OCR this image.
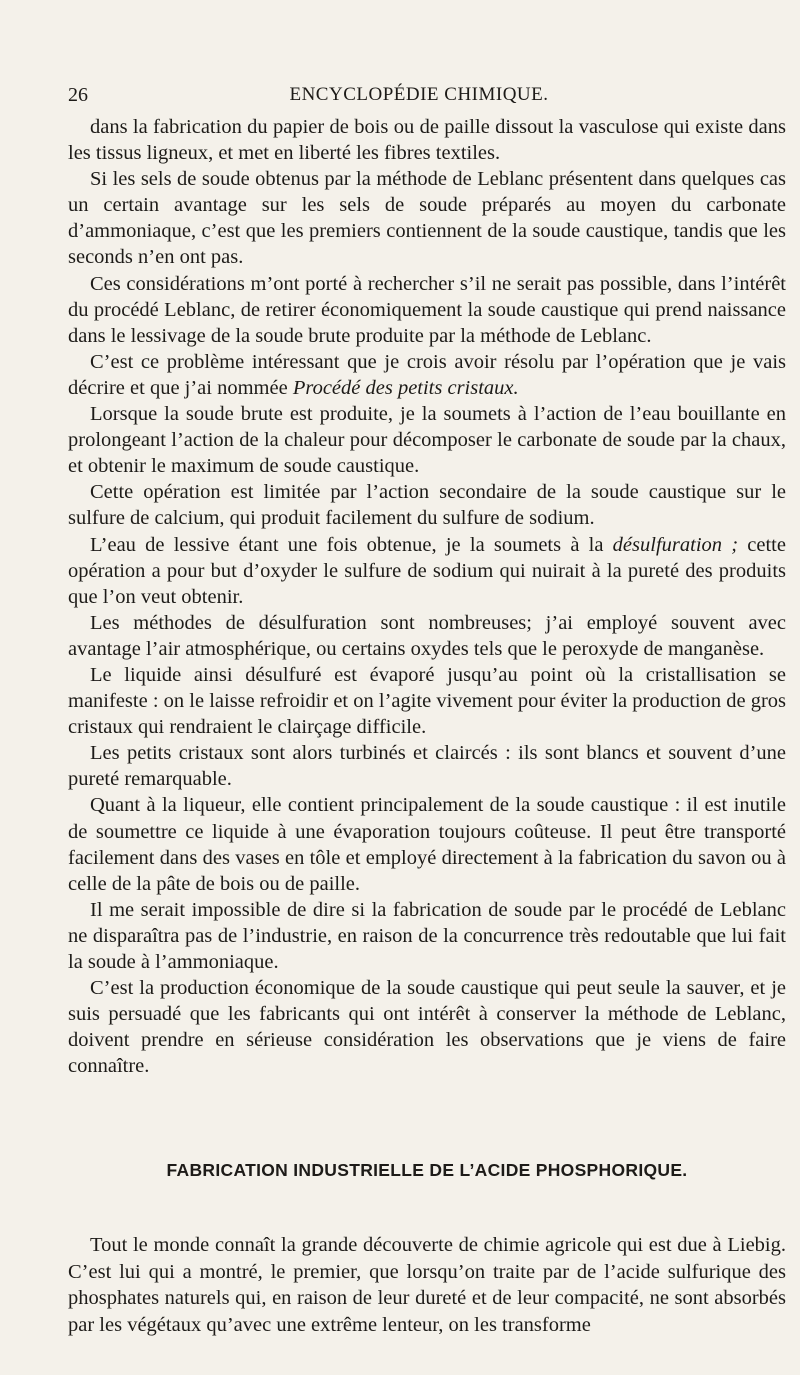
26	ENCYCLOPÉDIE CHIMIQUE.

dans la fabrication du papier de bois ou de paille dissout la vasculose qui existe dans les tissus ligneux, et met en liberté les fibres textiles.

Si les sels de soude obtenus par la méthode de Leblanc présentent dans quelques cas un certain avantage sur les sels de soude préparés au moyen du carbonate d’ammoniaque, c’est que les premiers contiennent de la soude caustique, tandis que les seconds n’en ont pas.

Ces considérations m’ont porté à rechercher s’il ne serait pas possible, dans l’intérêt du procédé Leblanc, de retirer économiquement la soude caustique qui prend naissance dans le lessivage de la soude brute produite par la méthode de Leblanc.

C’est ce problème intéressant que je crois avoir résolu par l’opération que je vais décrire et que j’ai nommée Procédé des petits cristaux.

Lorsque la soude brute est produite, je la soumets à l’action de l’eau bouillante en prolongeant l’action de la chaleur pour décomposer le carbonate de soude par la chaux, et obtenir le maximum de soude caustique.

Cette opération est limitée par l’action secondaire de la soude caustique sur le sulfure de calcium, qui produit facilement du sulfure de sodium.

L’eau de lessive étant une fois obtenue, je la soumets à la désulfuration ; cette opération a pour but d’oxyder le sulfure de sodium qui nuirait à la pureté des produits que l’on veut obtenir.

Les méthodes de désulfuration sont nombreuses; j’ai employé souvent avec avantage l’air atmosphérique, ou certains oxydes tels que le peroxyde de manganèse.

Le liquide ainsi désulfuré est évaporé jusqu’au point où la cristallisation se manifeste : on le laisse refroidir et on l’agite vivement pour éviter la production de gros cristaux qui rendraient le clairçage difficile.

Les petits cristaux sont alors turbinés et claircés : ils sont blancs et souvent d’une pureté remarquable.

Quant à la liqueur, elle contient principalement de la soude caustique : il est inutile de soumettre ce liquide à une évaporation toujours coûteuse. Il peut être transporté facilement dans des vases en tôle et employé directement à la fabrication du savon ou à celle de la pâte de bois ou de paille.

Il me serait impossible de dire si la fabrication de soude par le procédé de Leblanc ne disparaîtra pas de l’industrie, en raison de la concurrence très redoutable que lui fait la soude à l’ammoniaque.

C’est la production économique de la soude caustique qui peut seule la sauver, et je suis persuadé que les fabricants qui ont intérêt à conserver la méthode de Leblanc, doivent prendre en sérieuse considération les observations que je viens de faire connaître.

FABRICATION INDUSTRIELLE DE L’ACIDE PHOSPHORIQUE.

Tout le monde connaît la grande découverte de chimie agricole qui est due à Liebig. C’est lui qui a montré, le premier, que lorsqu’on traite par de l’acide sulfurique des phosphates naturels qui, en raison de leur dureté et de leur compacité, ne sont absorbés par les végétaux qu’avec une extrême lenteur, on les transforme
